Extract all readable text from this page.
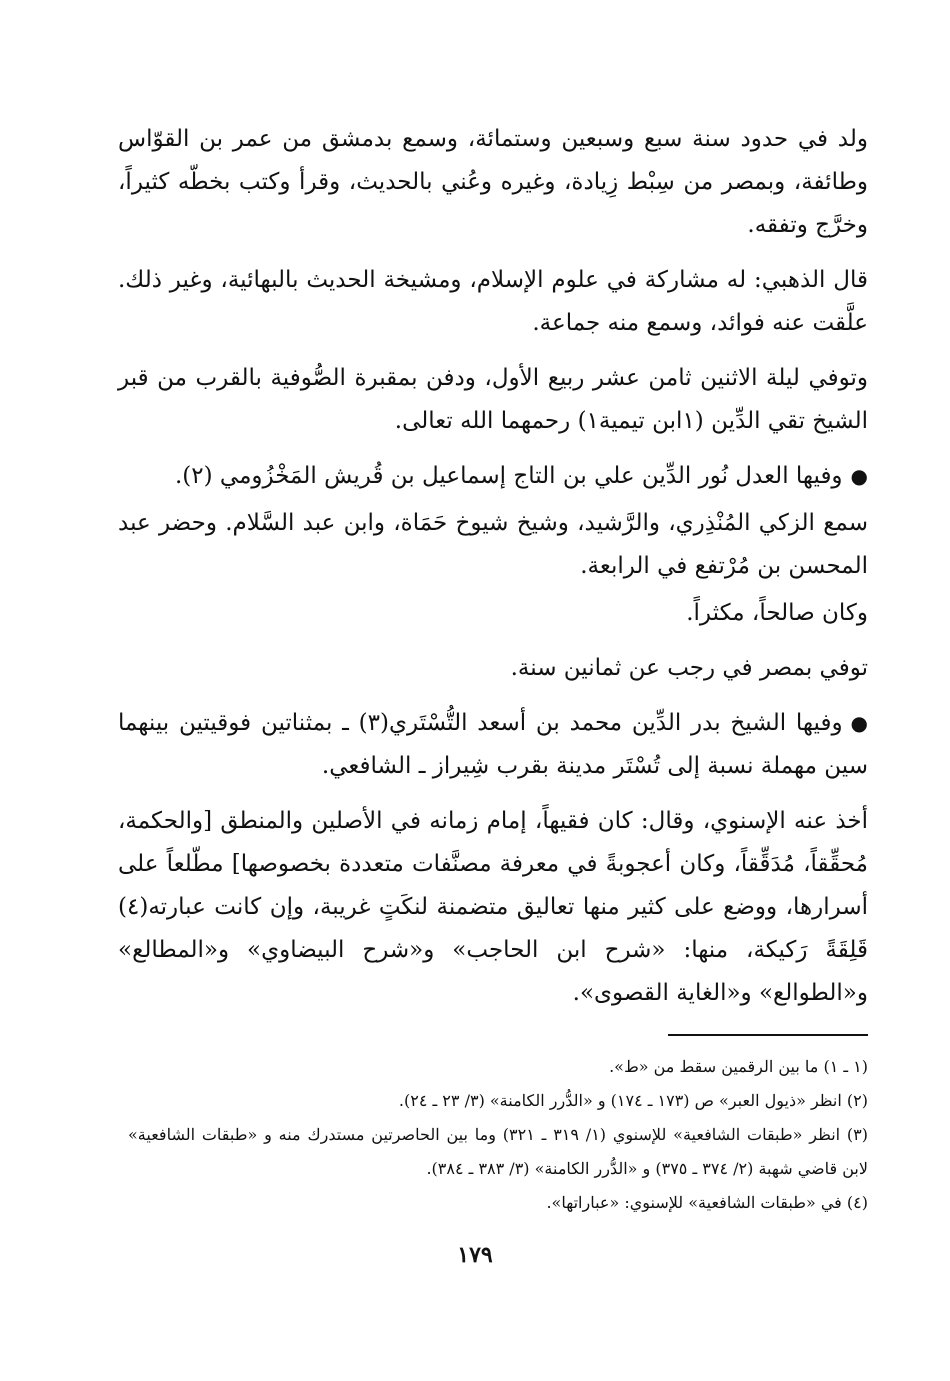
ولد في حدود سنة سبع وسبعين وستمائة، وسمع بدمشق من عمر بن القوّاس وطائفة، وبمصر من سِبْط زِيادة، وغيره وعُني بالحديث، وقرأ وكتب بخطّه كثيراً، وخرَّج وتفقه.

قال الذهبي: له مشاركة في علوم الإسلام، ومشيخة الحديث بالبهائية، وغير ذلك. علَّقت عنه فوائد، وسمع منه جماعة.

وتوفي ليلة الاثنين ثامن عشر ربيع الأول، ودفن بمقبرة الصُّوفية بالقرب من قبر الشيخ تقي الدِّين (١ابن تيمية١) رحمهما الله تعالى.

●وفيها العدل نُور الدِّين علي بن التاج إسماعيل بن قُريش المَخْزُومي (٢).

سمع الزكي المُنْذِري، والرَّشيد، وشيخ شيوخ حَمَاة، وابن عبد السَّلام. وحضر عبد المحسن بن مُرْتفع في الرابعة.

وكان صالحاً، مكثراً.

توفي بمصر في رجب عن ثمانين سنة.

●وفيها الشيخ بدر الدِّين محمد بن أسعد التُّسْتَري(٣) ـ بمثناتين فوقيتين بينهما سين مهملة نسبة إلى تُسْتَر مدينة بقرب شِيراز ـ الشافعي.

أخذ عنه الإسنوي، وقال: كان فقيهاً، إمام زمانه في الأصلين والمنطق [والحكمة، مُحقِّقاً، مُدَقِّقاً، وكان أعجوبةً في معرفة مصنَّفات متعددة بخصوصها] مطّلعاً على أسرارها، ووضع على كثير منها تعاليق متضمنة لنكَتٍ غريبة، وإن كانت عبارته(٤) قَلِقَةً رَكيكة، منها: «شرح ابن الحاجب» و«شرح البيضاوي» و«المطالع» و«الطوالع» و«الغاية القصوى».

(١ ـ ١) ما بين الرقمين سقط من «ط».

(٢) انظر «ذيول العبر» ص (١٧٣ ـ ١٧٤) و «الدُّرر الكامنة» (٣/ ٢٣ ـ ٢٤).

(٣) انظر «طبقات الشافعية» للإسنوي (١/ ٣١٩ ـ ٣٢١) وما بين الحاصرتين مستدرك منه و «طبقات الشافعية» لابن قاضي شهبة (٢/ ٣٧٤ ـ ٣٧٥) و «الدُّرر الكامنة» (٣/ ٣٨٣ ـ ٣٨٤).

(٤) في «طبقات الشافعية» للإسنوي: «عباراتها».

١٧٩
